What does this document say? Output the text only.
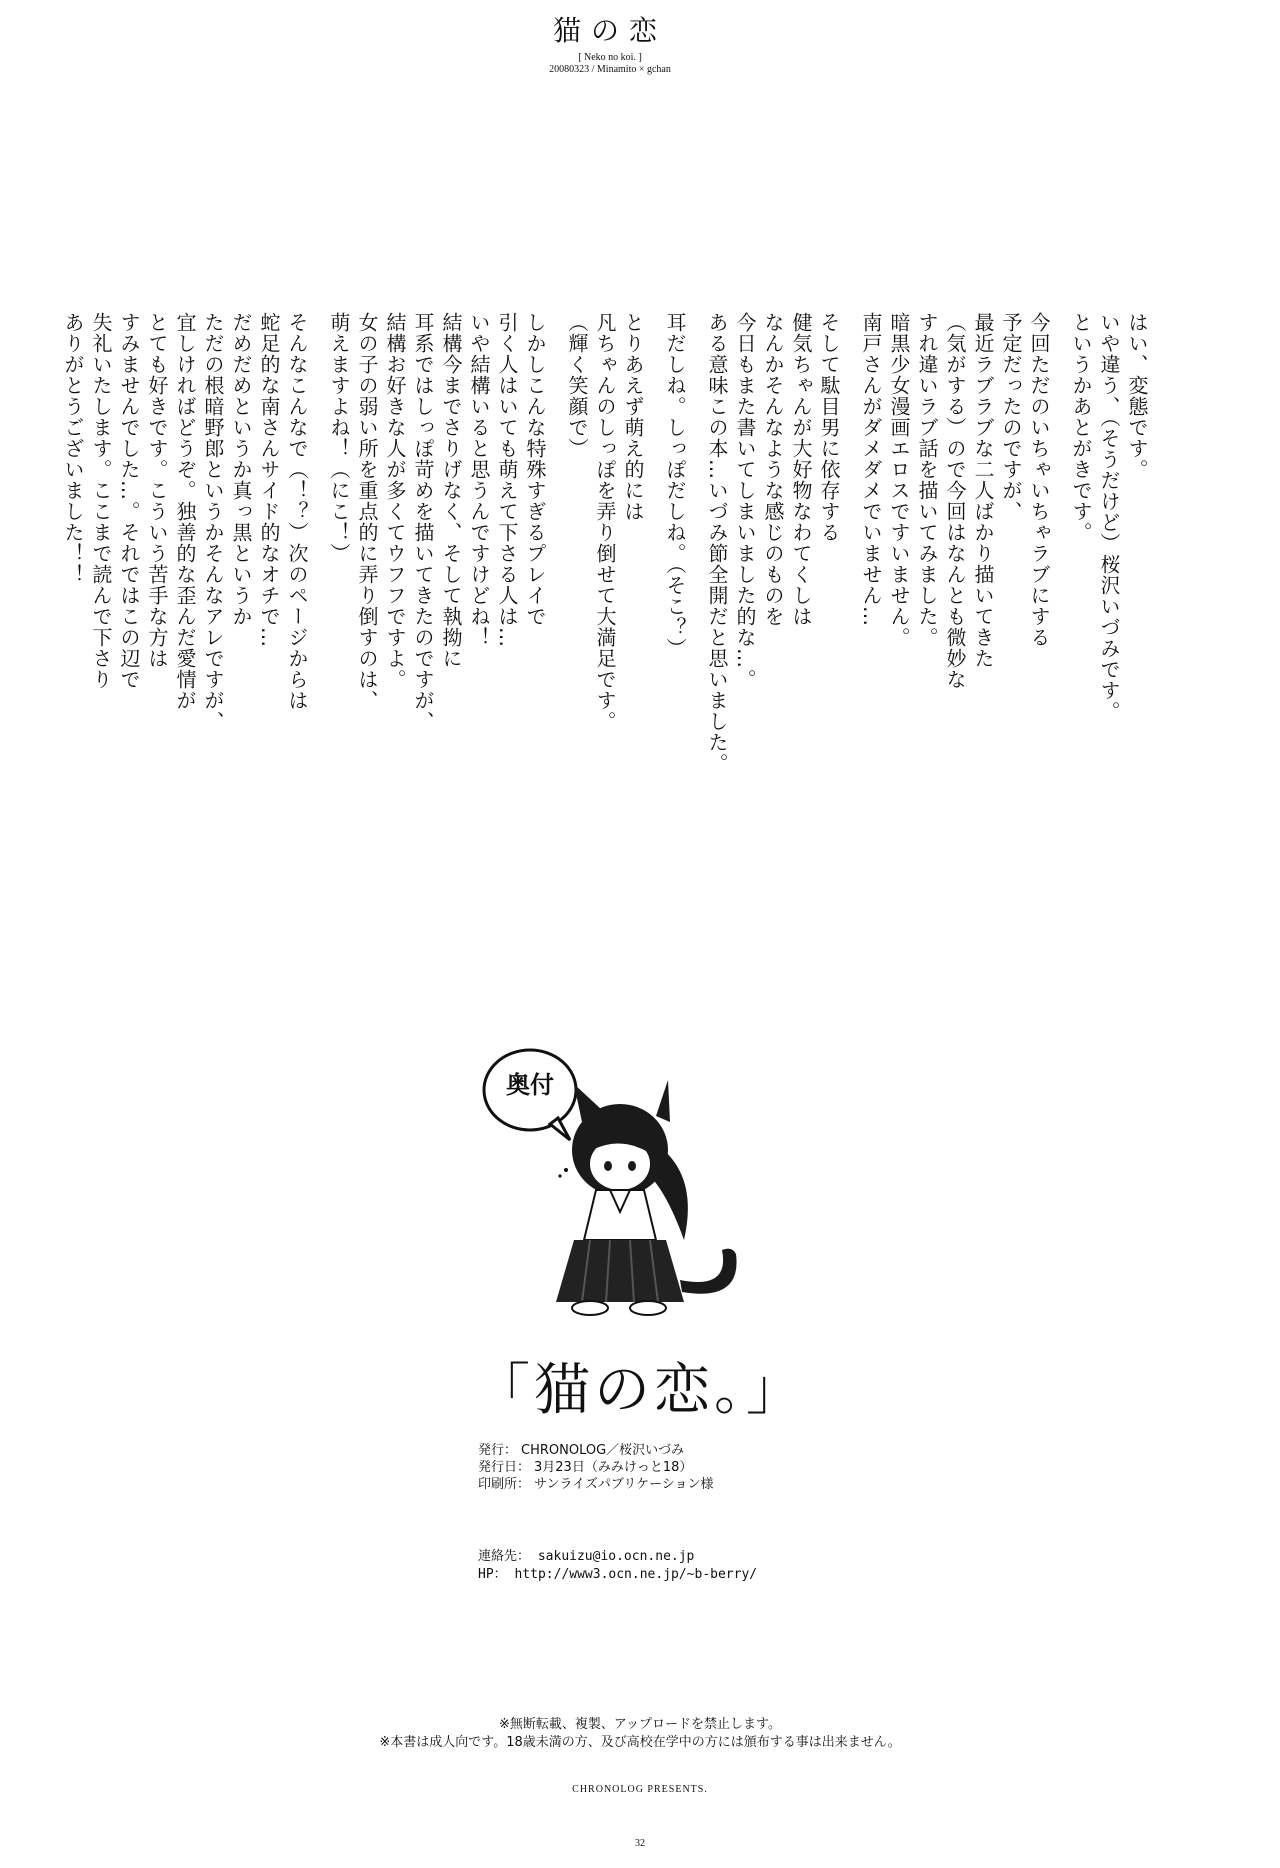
猫の恋
[ Neko no koi. ]
20080323 / Minamito × gchan
はい、変態です。
いや違う、（そうだけど）桜沢いづみです。
というかあとがきです。
今回ただのいちゃいちゃラブにする
予定だったのですが、
最近ラブラブな二人ばかり描いてきた
（気がする）ので今回はなんとも微妙な
すれ違いラブ話を描いてみました。
暗黒少女漫画エロスですいません。
南戸さんがダメダメでいません…
そして駄目男に依存する
健気ちゃんが大好物なわてくしは
なんかそんなような感じのものを
今日もまた書いてしまいました的な…。
ある意味この本…いづみ節全開だと思いました。
耳だしね。しっぽだしね。（そこ？）
とりあえず萌え的には
凡ちゃんのしっぽを弄り倒せて大満足です。
（輝く笑顔で）
しかしこんな特殊すぎるプレイで
引く人はいても萌えて下さる人は…
いや結構いると思うんですけどね！
結構今までさりげなく、そして執拗に
耳系ではしっぽ苛めを描いてきたのですが、
結構お好きな人が多くてウフフですよ。
女の子の弱い所を重点的に弄り倒すのは、
萌えますよね！（にこ！）
そんなこんなで（！？）次のページからは
蛇足的な南さんサイド的なオチで…
だめだめというか真っ黒というか
ただの根暗野郎というかそんなアレですが、
宜しければどうぞ。独善的な歪んだ愛情が
とても好きです。こういう苦手な方は
すみませんでした…。それではこの辺で
失礼いたします。ここまで読んで下さり
ありがとうございました！！
奥付
「猫の恋。」
発行： CHRONOLOG／桜沢いづみ
発行日： 3月23日（みみけっと18）
印刷所： サンライズパブリケーション様
連絡先： sakuizu@io.ocn.ne.jp
HP： http://www3.ocn.ne.jp/~b-berry/
※無断転載、複製、アップロードを禁止します。
※本書は成人向です。18歳未満の方、及び高校在学中の方には頒布する事は出来ません。
CHRONOLOG PRESENTS.
32
